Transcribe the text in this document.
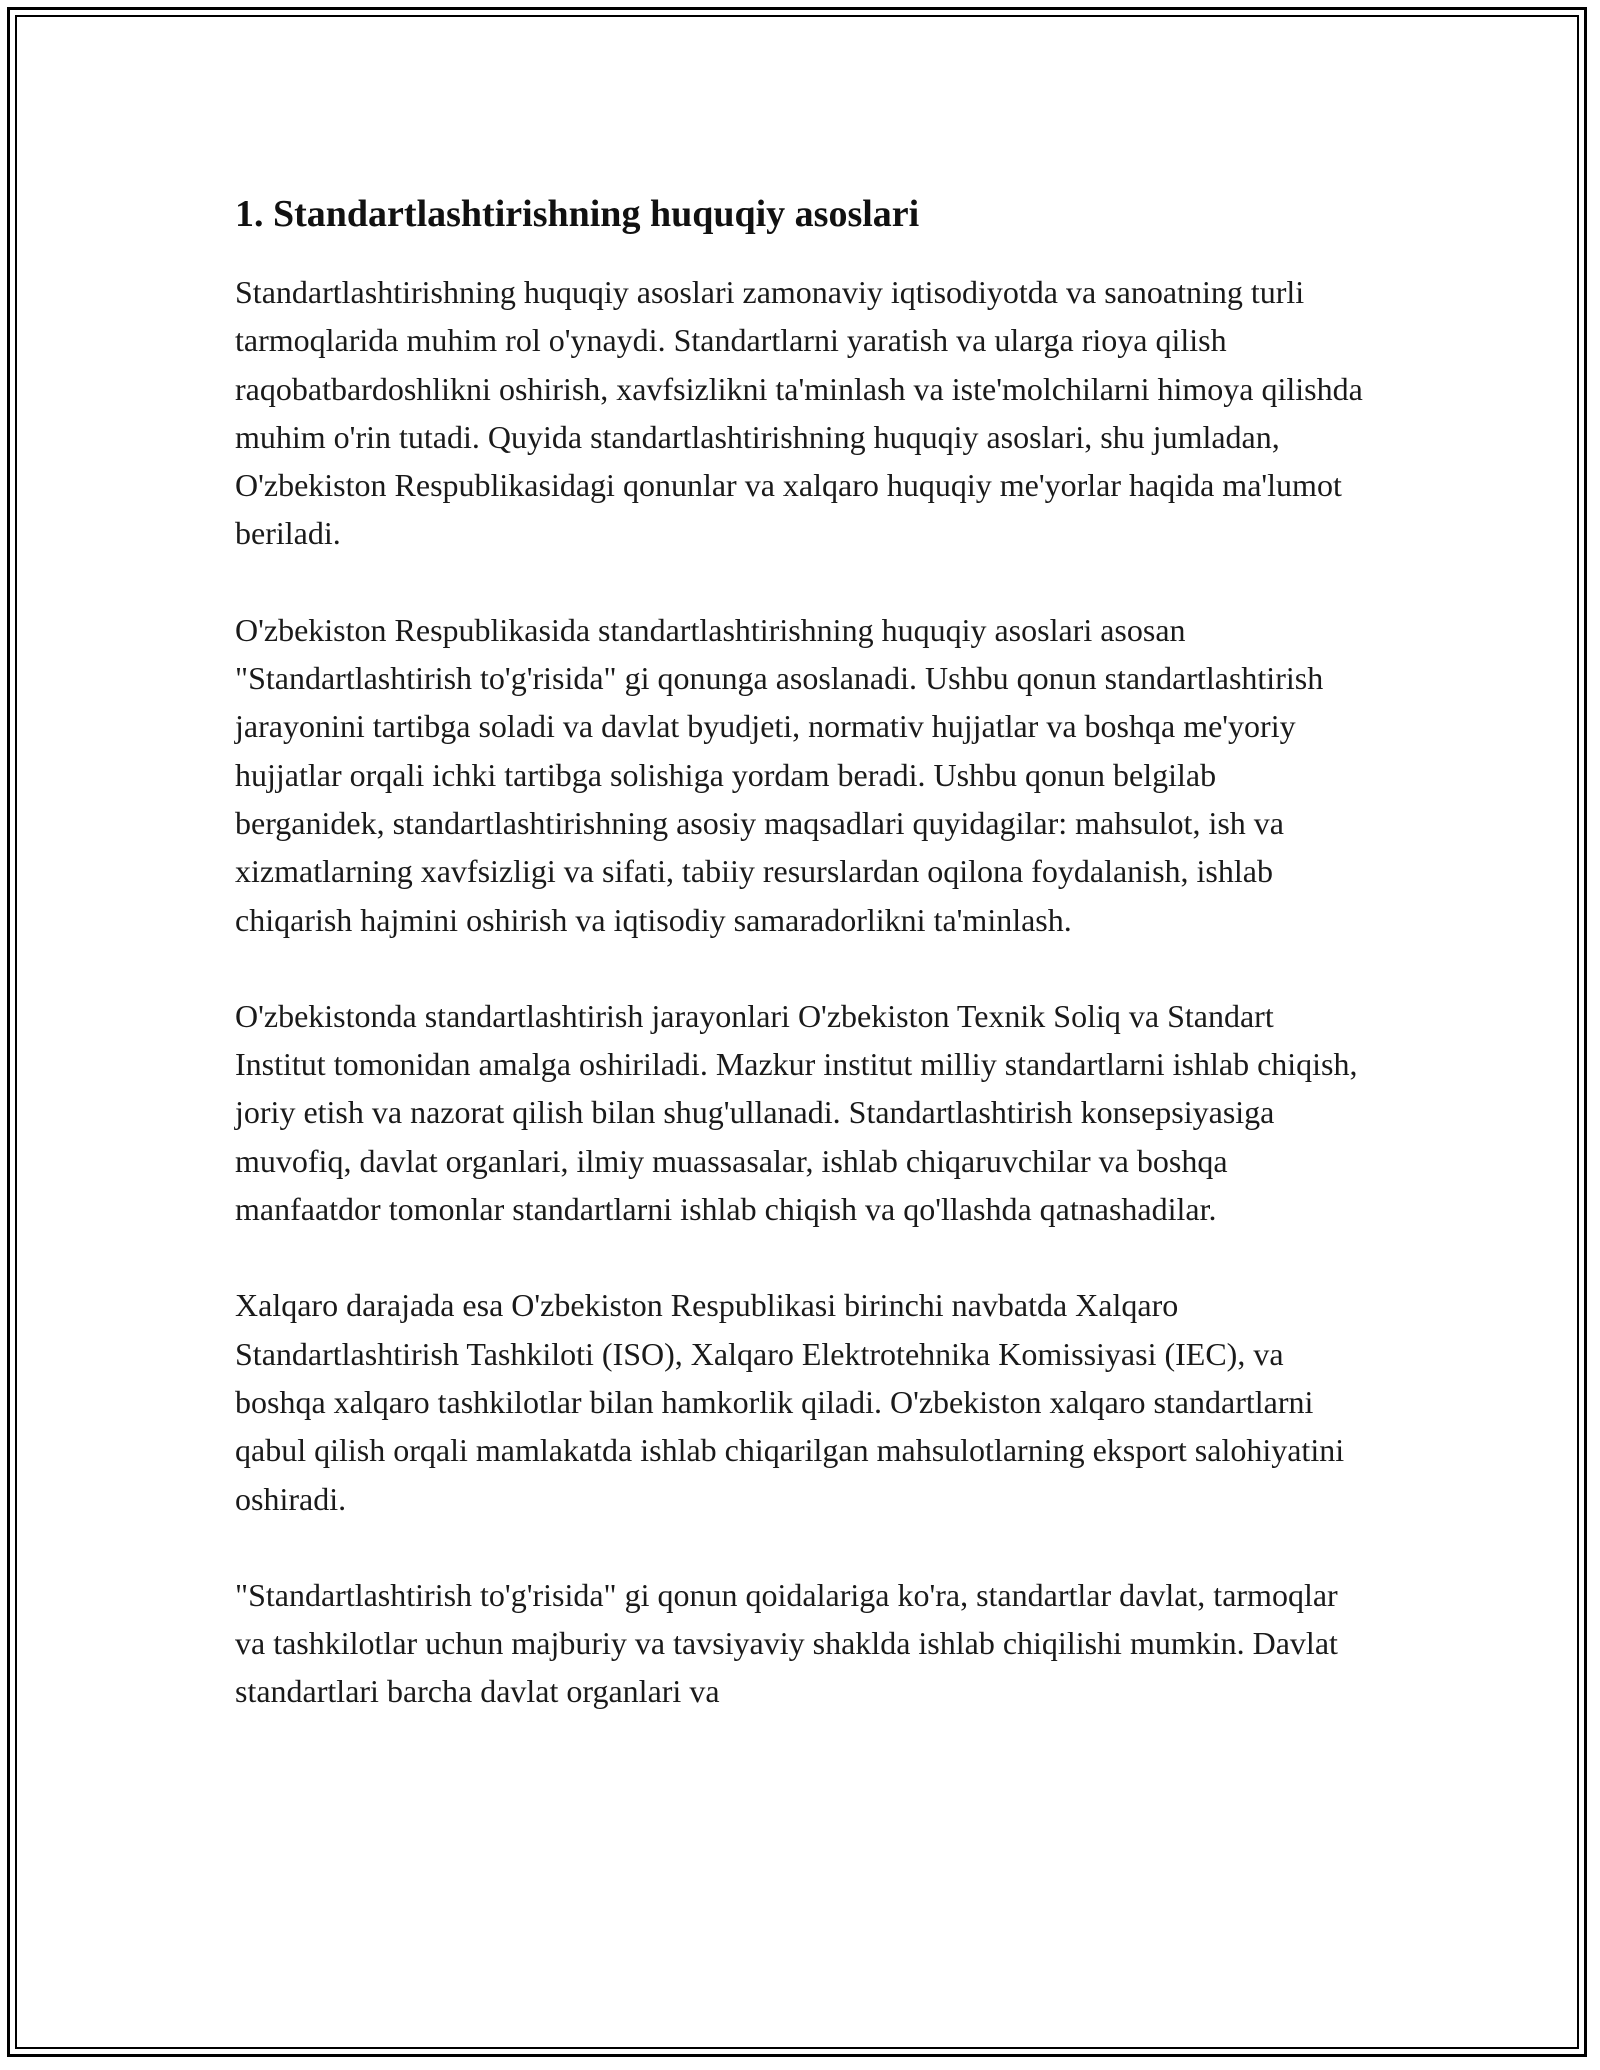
1. Standartlashtirishning huquqiy asoslari

Standartlashtirishning huquqiy asoslari zamonaviy iqtisodiyotda va sanoatning turli tarmoqlarida muhim rol o'ynaydi. Standartlarni yaratish va ularga rioya qilish raqobatbardoshlikni oshirish, xavfsizlikni ta'minlash va iste'molchilarni himoya qilishda muhim o'rin tutadi. Quyida standartlashtirishning huquqiy asoslari, shu jumladan, O'zbekiston Respublikasidagi qonunlar va xalqaro huquqiy me'yorlar haqida ma'lumot beriladi.

O'zbekiston Respublikasida standartlashtirishning huquqiy asoslari asosan "Standartlashtirish to'g'risida" gi qonunga asoslanadi. Ushbu qonun standartlashtirish jarayonini tartibga soladi va davlat byudjeti, normativ hujjatlar va boshqa me'yoriy hujjatlar orqali ichki tartibga solishiga yordam beradi. Ushbu qonun belgilab berganidek, standartlashtirishning asosiy maqsadlari quyidagilar: mahsulot, ish va xizmatlarning xavfsizligi va sifati, tabiiy resurslardan oqilona foydalanish, ishlab chiqarish hajmini oshirish va iqtisodiy samaradorlikni ta'minlash.

O'zbekistonda standartlashtirish jarayonlari O'zbekiston Texnik Soliq va Standart Institut tomonidan amalga oshiriladi. Mazkur institut milliy standartlarni ishlab chiqish, joriy etish va nazorat qilish bilan shug'ullanadi. Standartlashtirish konsepsiyasiga muvofiq, davlat organlari, ilmiy muassasalar, ishlab chiqaruvchilar va boshqa manfaatdor tomonlar standartlarni ishlab chiqish va qo'llashda qatnashadilar.

Xalqaro darajada esa O'zbekiston Respublikasi birinchi navbatda Xalqaro Standartlashtirish Tashkiloti (ISO), Xalqaro Elektrotehnika Komissiyasi (IEC), va boshqa xalqaro tashkilotlar bilan hamkorlik qiladi. O'zbekiston xalqaro standartlarni qabul qilish orqali mamlakatda ishlab chiqarilgan mahsulotlarning eksport salohiyatini oshiradi.

"Standartlashtirish to'g'risida" gi qonun qoidalariga ko'ra, standartlar davlat, tarmoqlar va tashkilotlar uchun majburiy va tavsiyaviy shaklda ishlab chiqilishi mumkin. Davlat standartlari barcha davlat organlari va
